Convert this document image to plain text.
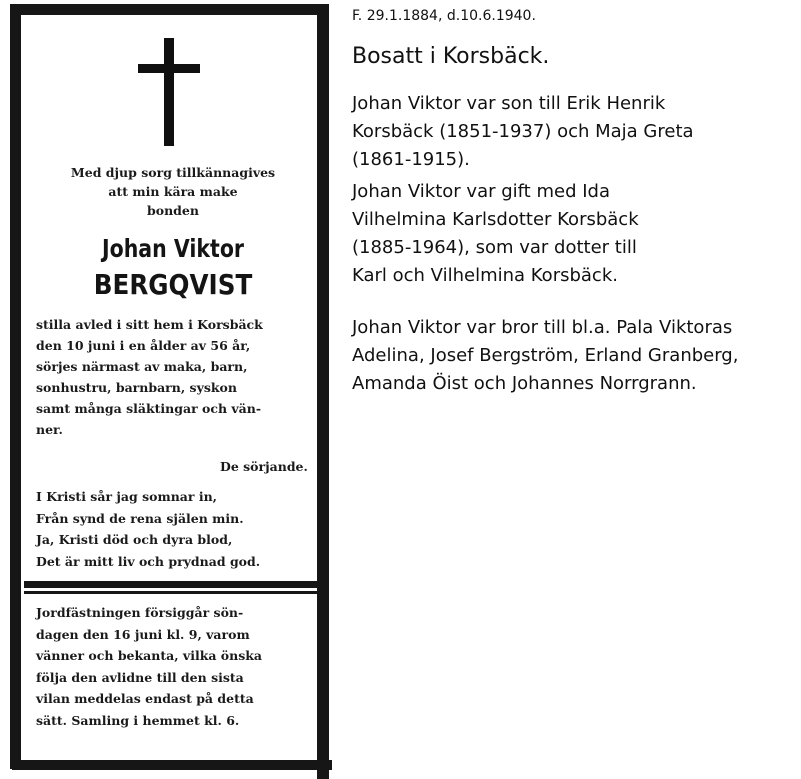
Med djup sorg tillkännagives
att min kära make
bonden

Johan Viktor

BERGQVIST

stilla avled i sitt hem i Korsbäck
den 10 juni i en ålder av 56 år,
sörjes närmast av maka, barn,
sonhustru, barnbarn, syskon
samt många släktingar och vän-
ner.

De sörjande.

I Kristi sår jag somnar in,
Från synd de rena själen min.
Ja, Kristi död och dyra blod,
Det är mitt liv och prydnad god.

Jordfästningen försiggår sön-
dagen den 16 juni kl. 9, varom
vänner och bekanta, vilka önska
följa den avlidne till den sista
vilan meddelas endast på detta
sätt. Samling i hemmet kl. 6.

F. 29.1.1884, d.10.6.1940.

Bosatt i Korsbäck.

Johan Viktor var son till Erik Henrik
Korsbäck (1851-1937) och Maja Greta
(1861-1915).

Johan Viktor var gift med Ida
Vilhelmina Karlsdotter Korsbäck
(1885-1964), som var dotter till
Karl och Vilhelmina Korsbäck.

Johan Viktor var bror till bl.a. Pala Viktoras
Adelina, Josef Bergström, Erland Granberg,
Amanda Öist och Johannes Norrgrann.
